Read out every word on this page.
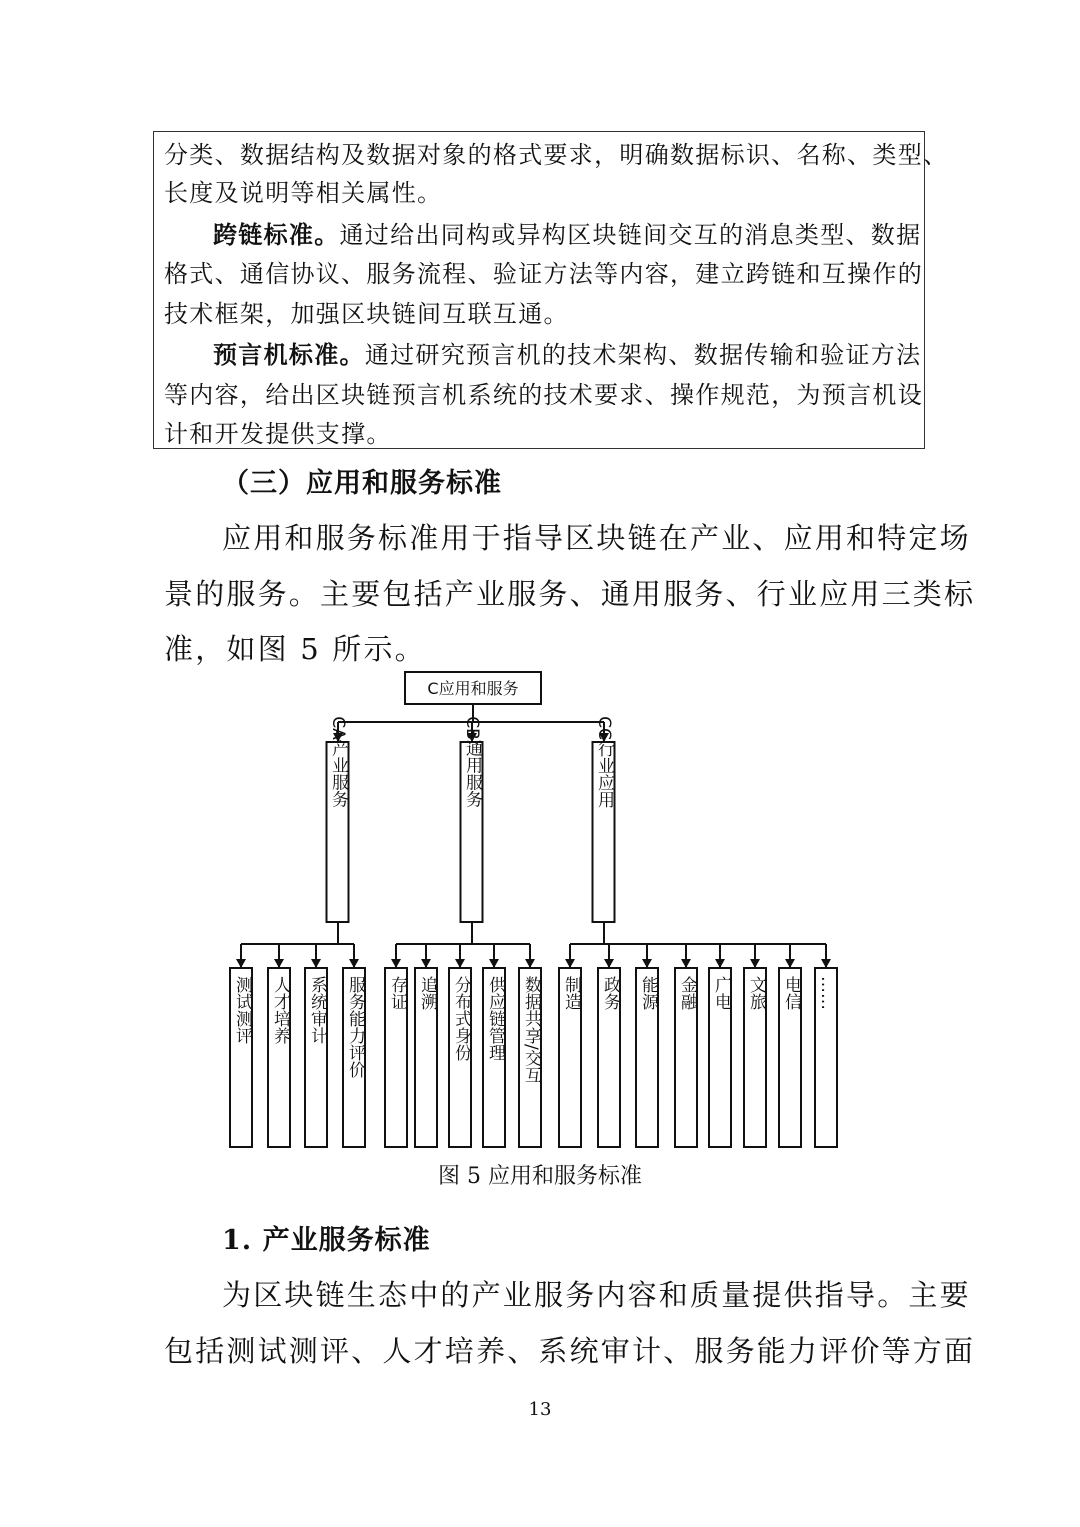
分类、数据结构及数据对象的格式要求，明确数据标识、名称、类型、
长度及说明等相关属性。
跨链标准。通过给出同构或异构区块链间交互的消息类型、数据
格式、通信协议、服务流程、验证方法等内容，建立跨链和互操作的
技术框架，加强区块链间互联互通。
预言机标准。通过研究预言机的技术架构、数据传输和验证方法
等内容，给出区块链预言机系统的技术要求、操作规范，为预言机设
计和开发提供支撑。
（三）应用和服务标准
应用和服务标准用于指导区块链在产业、应用和特定场
景的服务。主要包括产业服务、通用服务、行业应用三类标
准，如图 5 所示。
C应用和服务
CA产业服务
测试测评 人才培养 系统审计 服务能力评价
CB通用服务
存证 追溯 分布式身份 供应链管理 数据共享/交互
CC行业应用
制造 政务 能源 金融 广电 文旅 电信 ……
图 5 应用和服务标准
1. 产业服务标准
为区块链生态中的产业服务内容和质量提供指导。主要
包括测试测评、人才培养、系统审计、服务能力评价等方面
13
